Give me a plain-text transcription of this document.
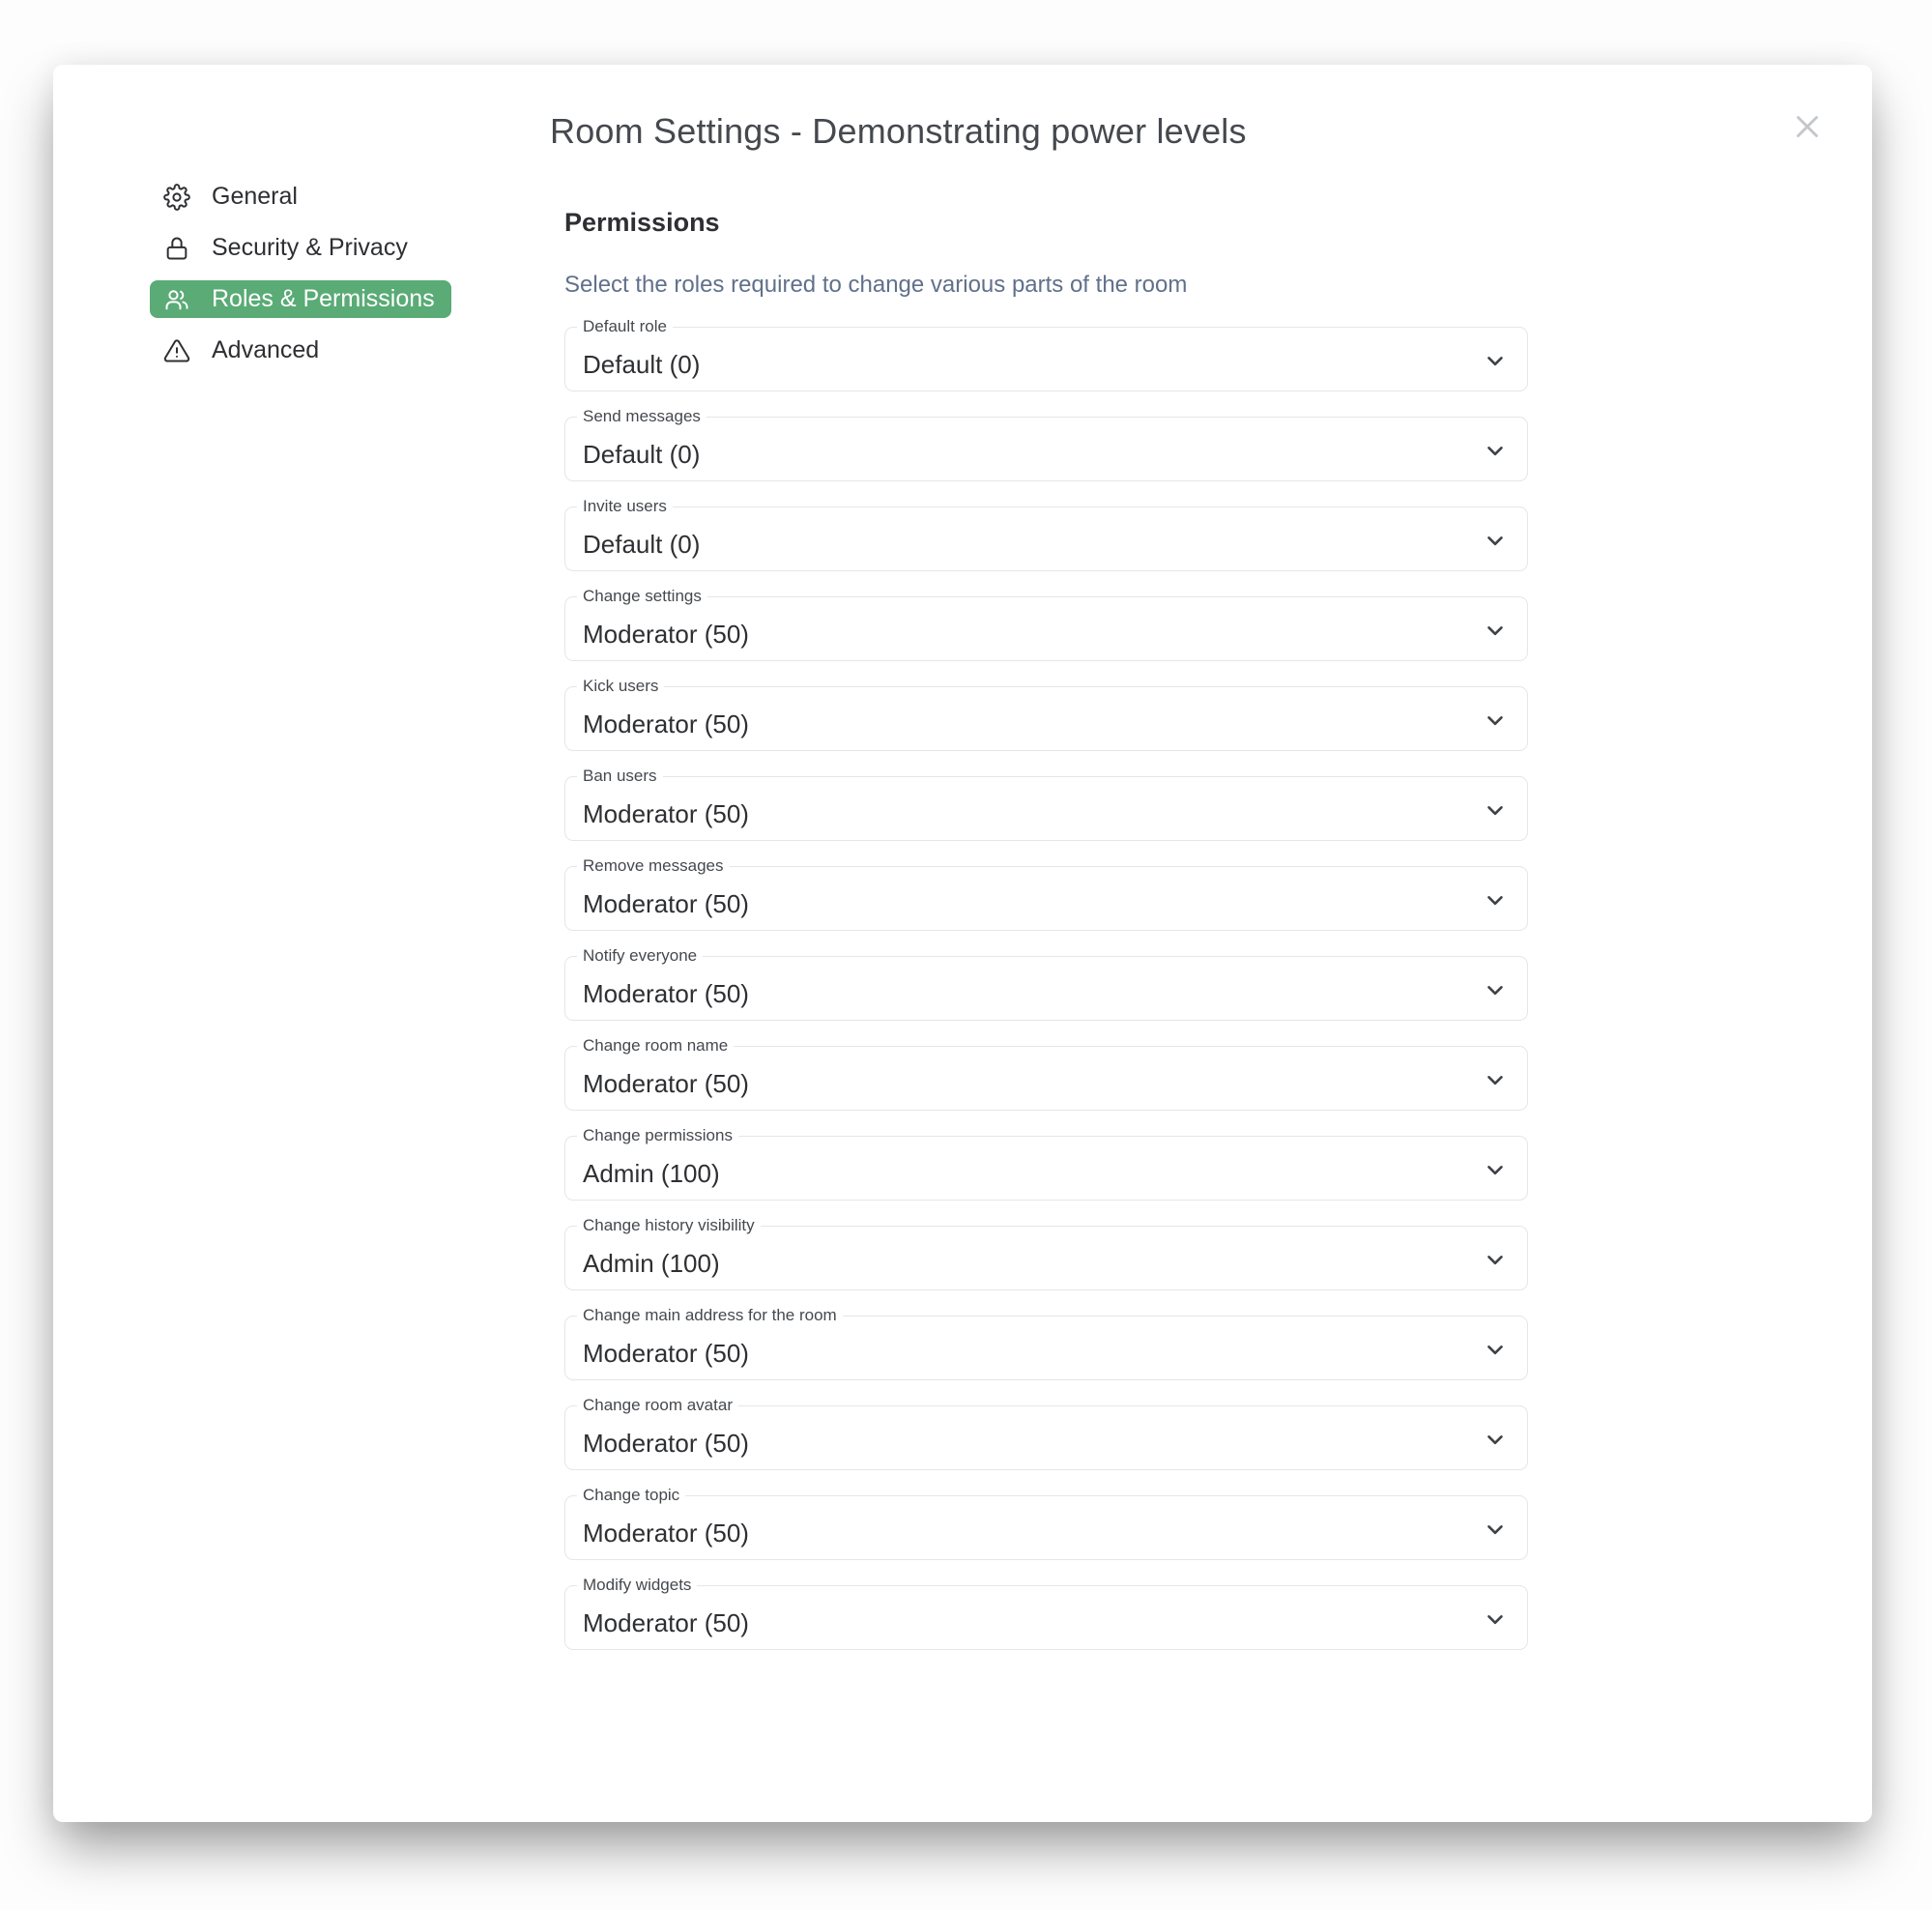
Room Settings - Demonstrating power levels
General
Security & Privacy
Roles & Permissions
Advanced
Permissions
Select the roles required to change various parts of the room
Default role
Default (0)
Send messages
Default (0)
Invite users
Default (0)
Change settings
Moderator (50)
Kick users
Moderator (50)
Ban users
Moderator (50)
Remove messages
Moderator (50)
Notify everyone
Moderator (50)
Change room name
Moderator (50)
Change permissions
Admin (100)
Change history visibility
Admin (100)
Change main address for the room
Moderator (50)
Change room avatar
Moderator (50)
Change topic
Moderator (50)
Modify widgets
Moderator (50)
